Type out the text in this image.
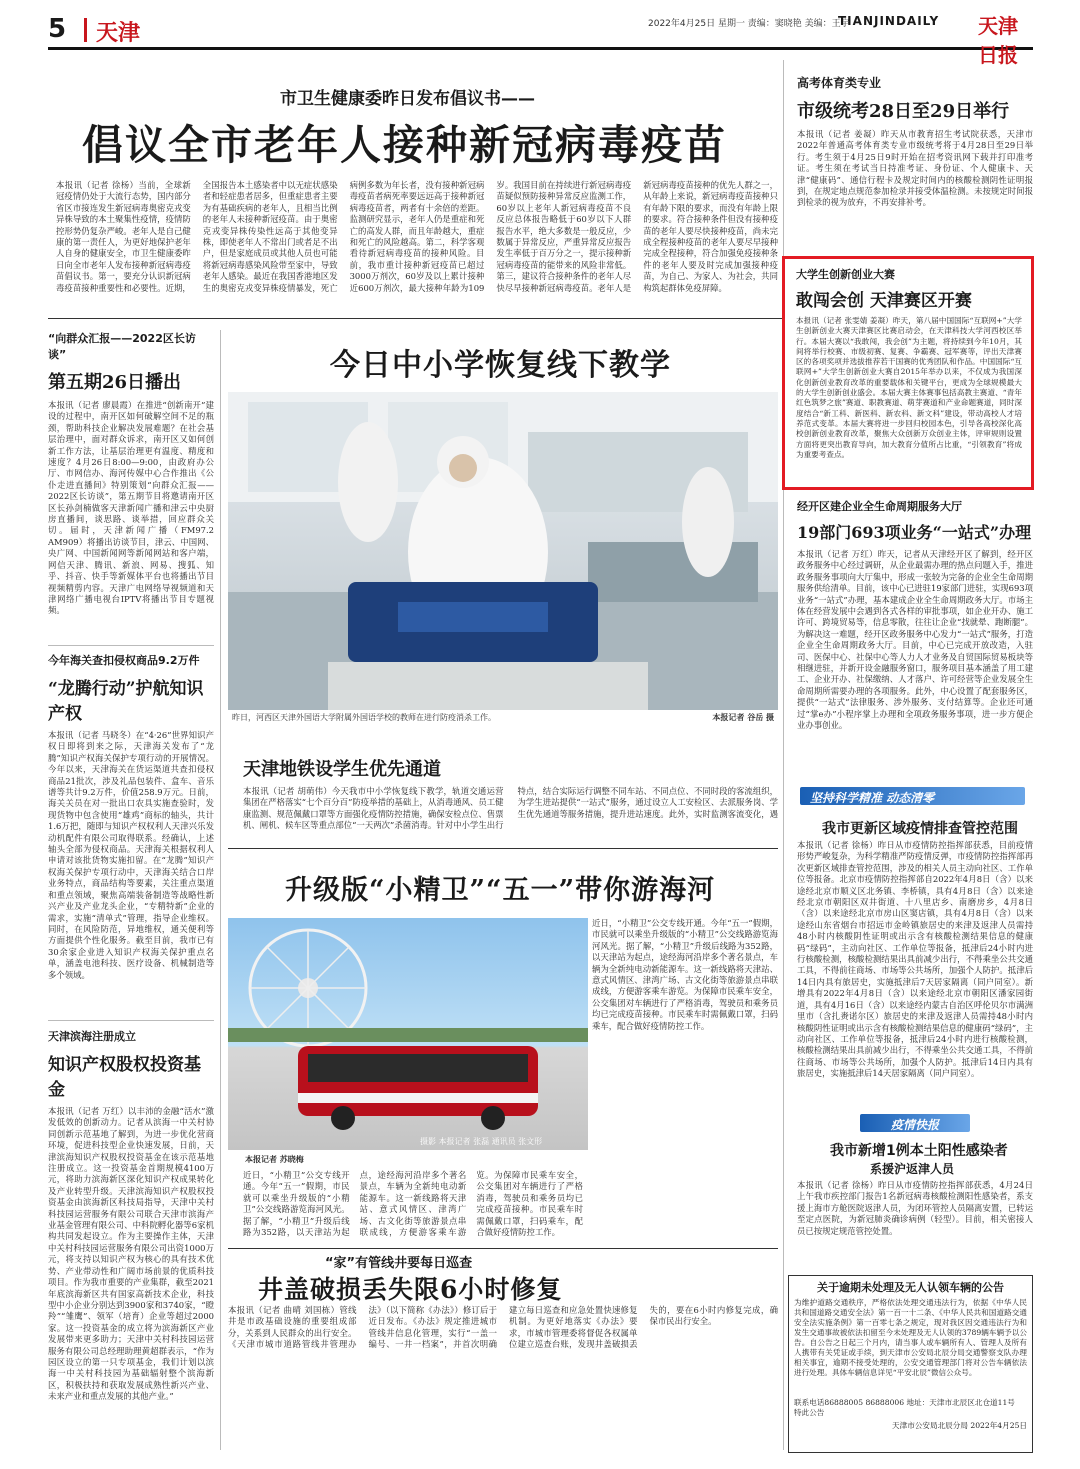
5 天津	2022年4月25日 星期一 责编：窦晓艳 美编：王宇
TIANJINDAILY 天津日报
市卫生健康委昨日发布倡议书——
倡议全市老年人接种新冠病毒疫苗
本报讯（记者 徐杨）当前，全球新冠疫情仍处于大流行态势，国内部分省区市接连发生新冠病毒奥密克戎变异株导致的本土聚集性疫情，疫情防控形势仍复杂严峻。老年人是自己健康的第一责任人，为更好地保护老年人自身的健康安全，市卫生健康委昨日向全市老年人发布接种新冠病毒疫苗倡议书。第一，要充分认识新冠病毒疫苗接种重要性和必要性。近期，全国报告本土感染者中以无症状感染者和轻症患者居多，但重症患者主要为有基础疾病的老年人，且相当比例的老年人未接种新冠疫苗。由于奥密克戎变异株传染性远高于其他变异株，即使老年人不常出门或者足不出户，但是家庭成员或其他人员也可能将新冠病毒感染风险带至家中，导致老年人感染。最近在我国香港地区发生的奥密克戎变异株疫情暴发，死亡病例多数为年长者，没有接种新冠病毒疫苗者病死率要远远高于接种新冠病毒疫苗者，两者有十余倍的差距。监测研究显示，老年人仍是重症和死亡的高发人群，而且年龄越大，重症和死亡的风险越高。第二，科学客观看待新冠病毒疫苗的接种风险。目前，我市重计接种新冠疫苗已超过3000万剂次，60岁及以上累计接种近600万剂次，最大接种年龄为109岁。我国目前在持续进行新冠病毒疫苗疑似预防接种异常反应监测工作，60岁以上老年人新冠病毒疫苗不良反应总体报告略低于60岁以下人群报告水平，绝大多数是一般反应，少数属于异常反应，严重异常反应报告发生率低于百万分之一，提示接种新冠病毒疫苗的能带来的风险非常低。第三，建议符合接种条件的老年人尽快尽早接种新冠病毒疫苗。老年人是新冠病毒疫苗接种的优先人群之一，从年龄上来说，新冠病毒疫苗接种只有年龄下限的要求，而没有年龄上限的要求。符合接种条件但没有接种疫苗的老年人要尽快接种疫苗，尚未完成全程接种疫苗的老年人要尽早接种完成全程接种，符合加强免疫接种条件的老年人要及时完成加强接种疫苗，为自己、为家人、为社会，共同构筑起群体免疫屏障。
“向群众汇报——2022区长访谈”
第五期26日播出
本报讯（记者 廖晨霞）在推进“创新南开”建设的过程中，南开区如何破解空间不足的瓶颈，帮助科技企业解决发展难题？在社会基层治理中，面对群众诉求，南开区又如何创新工作方法，让基层治理更有温度、精度和速度？4月26日8:00—9:00，由政府办公厅、市网信办、海河传媒中心合作推出《公仆走进直播间》特别策划“向群众汇报——2022区长访谈”，第五期节目将邀请南开区区长孙剑楠做客天津新闻广播和津云中央厨房直播间，谈思路、谈举措，回应群众关切。届时，天津新闻广播（FM97.2 AM909）将播出访谈节目，津云、中国网、央广网、中国新闻网等新闻网站和客户端，网信天津、腾讯、新浪、网易、搜狐、知乎、抖音、快手等新媒体平台也将播出节目视频精剪内容。天津广电网络导视频道和天津网络广播电视台IPTV将播出节目专题视频。
今年海关查扣侵权商品9.2万件
“龙腾行动”护航知识产权
本报讯（记者 马晓冬）在“4·26”世界知识产权日即将到来之际，天津海关发布了“龙腾”知识产权海关保护专项行动的开展情况。今年以来，天津海关在货运渠道共查扣侵权商品21批次，涉及礼品包装件、盒车、音乐谱等共计9.2万件，价值258.9万元。日前，海关关员在对一批出口农具实施查验时，发现货物中包含使用“雄鸡”商标的轴头，共计1.6万把，随即与知识产权权利人天津兴乐发动机配件有限公司取得联系。经确认，上述轴头全部为侵权商品。天津海关根据权利人申请对该批货物实施扣留。在“龙腾”知识产权海关保护专项行动中，天津海关结合口岸业务特点，商品结构等要素，关注重点渠道和重点领域，聚焦高端装备制造等战略性新兴产业及产业龙头企业，“专精特新”企业的需求，实施“清单式”管理，指导企业维权。同时，在风险防范，异地维权，通关便利等方面提供个性化服务。截至目前，我市已有30余家企业进入知识产权海关保护重点名单，涵盖电池科技、医疗设备、机械制造等多个领域。
天津滨海注册成立
知识产权股权投资基金
本报讯（记者 万红）以丰沛的金融“活水”激发低效的创新动力。记者从滨海一中关村协同创新示范基地了解到，为进一步优化营商环境，促进科技型企业快速发展，日前，天津滨海知识产权股权投资基金在该示范基地注册成立。这一投资基金首期规模4100万元，将助力滨海新区深化知识产权成果转化及产业转型升级。天津滨海知识产权股权投资基金由滨海新区科技局指导，天津中关村科技园运营服务有限公司联合天津市滨海产业基金管理有限公司、中科院孵化器等6家机构共同发起设立。作为主要操作主体，天津中关村科技园运营服务有限公司出资1000万元，将支持以知识产权为核心的具有技术优势、产业带动性和广阔市场前景的优质科技项目。作为我市重要的产业集群，截至2021年底滨海新区共有国家高新技术企业，科技型中小企业分别达到3900家和3740家，“瞪羚”“雏鹰”、领军（培育）企业等超过2000家。这一投资基金的成立将为滨海新区产业发展带来更多助力；天津中关村科技园运营服务有限公司总经理助理黄超群表示，“作为园区设立的第一只专项基金，我们计划以滨海一中关村科技园为基础辐射整个滨海新区，积极扶持和获取发展成熟性新兴产业、未来产业和重点发展的其他产业。”
今日中小学恢复线下教学
昨日，河西区天津外国语大学附属外国语学校的教师在进行防疫消杀工作。	本报记者 谷岳 摄
天津地铁设学生优先通道
本报讯（记者 胡萌伟）今天我市中小学恢复线下教学，轨道交通运营集团在严格落实“七个百分百”防疫举措的基础上，从消毒通风、员工健康监测、规范佩戴口罩等方面强化疫情防控措施，确保安检点位、售票机、闸机、候车区等重点部位“一天两次”杀菌消毒。针对中小学生出行特点，结合实际运行调整不同车站、不同点位、不同时段的客流组织，为学生进站提供“一站式”服务，通过设立人工安检区、去派服务岗、学生优先通道等服务措施，提升进站速度。此外，实时监测客流变化，遇
升级版“小精卫”“五一”带你游海河
摄影 本报记者 张磊 通讯员 张文形
本报记者 苏晓梅
近日，“小精卫”公交专线开通。今年“五一”假期，市民就可以乘坐升级版的“小精卫”公交线路游览海河风光。据了解，“小精卫”升级后线路为352路，以天津站为起点，途经海河沿岸多个著名景点，车辆为全新纯电动新能源车。这一新线路将天津站、意式风情区、津湾广场、古文化街等旅游景点串联成线，方便游客乘车游览。为保障市民乘车安全，公交集团对车辆进行了严格消毒，驾驶员和乘务员均已完成疫苗接种。市民乘车时需佩戴口罩，扫码乘车，配合做好疫情防控工作。
近日，“小精卫”公交专线开通。今年“五一”假期，市民就可以乘坐升级版的“小精卫”公交线路游览海河风光。据了解，“小精卫”升级后线路为352路，以天津站为起点，途经海河沿岸多个著名景点，车辆为全新纯电动新能源车。这一新线路将天津站、意式风情区、津湾广场、古文化街等旅游景点串联成线，方便游客乘车游览。为保障市民乘车安全，公交集团对车辆进行了严格消毒，驾驶员和乘务员均已完成疫苗接种。市民乘车时需佩戴口罩，扫码乘车，配合做好疫情防控工作。
“家”有管线井要每日巡查
井盖破损丢失限6小时修复
本报讯（记者 曲晴 刘国栋）管线井是市政基础设施的重要组成部分，关系到人民群众的出行安全。《天津市城市道路管线井管理办法》（以下简称《办法》）修订后于近日发布。《办法》规定推进城市管线井信息化管理，实行“一盖一编号、一井一档案”，并首次明确建立每日巡查和应急处置快速修复机制。为更好地落实《办法》要求，市城市管理委将督促各权属单位建立巡查台账，发现井盖破损丢失的，要在6小时内修复完成，确保市民出行安全。
高考体育类专业
市级统考28日至29日举行
本报讯（记者 姜凝）昨天从市教育招生考试院获悉，天津市2022年普通高考体育类专业市级统考将于4月28日至29日举行。考生须于4月25日9时开始在招考资讯网下载并打印准考证。考生须在考试当日持准考证、身份证、个人健康卡、天津“健康码”、通信行程卡及规定时间内的核酸检测阴性证明报到，在规定地点规范参加检录并接受体温检测。未按规定时间报到检录的视为放弃，不再安排补考。
大学生创新创业大赛
敢闯会创 天津赛区开赛
本报讯（记者 张雯婧 姜凝）昨天，第八届中国国际“互联网+”大学生创新创业大赛天津赛区比赛启动会，在天津科技大学河西校区举行。本届大赛以“我敢闯，我会创”为主题，将持续到今年10月，其间将举行校赛、市级初赛、复赛、争霸赛、冠军赛等，评出天津赛区的各项奖项并选拔推荐若干国赛的优秀团队和作品。中国国际“互联网+”大学生创新创业大赛自2015年举办以来，不仅成为我国深化创新创业教育改革的重要载体和关键平台，更成为全球规模最大的大学生创新创业盛会。本届大赛主体赛事包括高教主赛道、“青年红色筑梦之旅”赛道、职教赛道、萌芽赛道和产业命题赛道，同时深度结合“新工科、新医科、新农科、新文科”建设，带动高校人才培养范式变革。本届大赛将进一步回归校园本色，引导各高校深化高校创新创业教育改革，聚焦大众创新万众创业主体，评审规则设置方面将更突出教育导向，加大教育分值所占比重，“引领教育”将成为重要考查点。
经开区建企业全生命周期服务大厅
19部门693项业务“一站式”办理
本报讯（记者 万红）昨天，记者从天津经开区了解到，经开区政务服务中心经过调研，从企业最需办理的热点问题入手，推进政务服务事项向大厅集中，形成一张较为完备的企业全生命周期服务供给清单。目前，该中心已进驻19家部门进驻，实现693项业务“一站式”办理，基本建成企业全生命周期政务大厅。市场主体在经营发展中会遇到各式各样的审批事项，如企业开办、施工许可、跨境贸易等，信息零散，往往让企业“找就晕、跑断腿”。为解决这一难题，经开区政务服务中心发力“一站式”服务，打造企业全生命周期政务大厅。目前，中心已完成开放改造，入驻司、医保中心、社保中心等人力人才业务及自贸国际贸易板块等相继进驻，并新开设金融服务窗口，服务项目基本涵盖了用工建工、企业开办、社保缴纳、人才落户、许可经营等企业发展全生命周期所需要办理的各项服务。此外，中心设置了配套服务区，提供“一站式”法律服务、涉外服务、支付结算等。企业还可通过“掌e办”小程序掌上办理和全项政务服务事项，进一步方便企业办事创业。
坚持科学精准 动态清零
我市更新区域疫情排查管控范围
本报讯（记者 徐杨）昨日从市疫情防控指挥部获悉，目前疫情形势严峻复杂，为科学精准严防疫情反弹，市疫情防控指挥部再次更新区域排查管控范围，涉及的相关人员主动向社区、工作单位等报备。北京市疫情防控指挥部自2022年4月8日（含）以来途经北京市顺义区北务镇、李桥镇，具有4月8日（含）以来途经北京市朝阳区双井街道、十八里店乡、南磨房乡，4月8日（含）以来途经北京市房山区窦店镇，具有4月8日（含）以来途经山东省烟台市招远市金岭镇旅居史的来津及返津人员需持48小时内核酸阴性证明或出示含有核酸检测结果信息的健康码“绿码”，主动向社区、工作单位等报备，抵津后24小时内进行核酸检测，核酸检测结果出具前减少出行，不得乘坐公共交通工具，不得前往商场、市场等公共场所，加强个人防护。抵津后14日内具有旅居史，实施抵津后7天居家隔离（同户同室）。新增具有2022年4月8日（含）以来途经北京市朝阳区潘家园街道，具有4月16日（含）以来途经内蒙古自治区呼伦贝尔市满洲里市（含扎赉诺尔区）旅居史的来津及返津人员需持48小时内核酸阴性证明或出示含有核酸检测结果信息的健康码“绿码”，主动向社区、工作单位等报备，抵津后24小时内进行核酸检测，核酸检测结果出具前减少出行，不得乘坐公共交通工具，不得前往商场、市场等公共场所，加强个人防护。抵津后14日内具有旅居史，实施抵津后14天居家隔离（同户同室）。
疫情快报
我市新增1例本土阳性感染者
系援沪返津人员
本报讯（记者 徐杨）昨日从市疫情防控指挥部获悉，4月24日上午我市疾控部门报告1名新冠病毒核酸检测阳性感染者，系支援上海市方舱医院返津人员，为闭环管控人员隔离安置，已转运至定点医院，为新冠肺炎确诊病例（轻型）。目前，相关密接人员已按规定规范管控处置。
关于逾期未处理及无人认领车辆的公告
为维护道路交通秩序，严格依法处理交通违法行为，依据《中华人民共和国道路交通安全法》第一百一十二条、《中华人民共和国道路交通安全法实施条例》第一百零七条之规定，现对我区因交通违法行为和发生交通事故被依法扣留至今未处理及无人认领的3789辆车辆予以公告。自公告之日起三个月内，请当事人或车辆所有人、管理人及所有人携带有关凭证或手续，到天津市公安局北辰分局交通警察支队办理相关事宜，逾期不接受处理的，公安交通管理部门将对公告车辆依法进行处理。具体车辆信息详见“平安北辰”微信公众号。
联系电话86888005 86888006 地址：天津市北辰区北仓道11号
特此公告
天津市公安局北辰分局 2022年4月25日
